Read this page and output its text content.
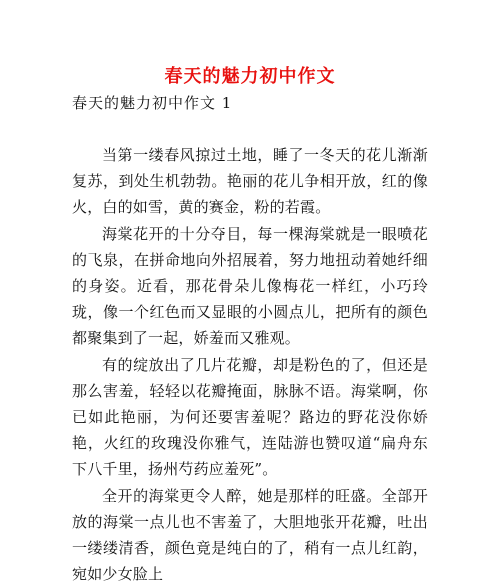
春天的魅力初中作文
春天的魅力初中作文 1

当第一缕春风掠过土地，睡了一冬天的花儿渐渐复苏，到处生机勃勃。艳丽的花儿争相开放，红的像火，白的如雪，黄的赛金，粉的若霞。

海棠花开的十分夺目，每一棵海棠就是一眼喷花的飞泉，在拼命地向外招展着，努力地扭动着她纤细的身姿。近看，那花骨朵儿像梅花一样红，小巧玲珑，像一个红色而又显眼的小圆点儿，把所有的颜色都聚集到了一起，娇羞而又雅观。

有的绽放出了几片花瓣，却是粉色的了，但还是那么害羞，轻轻以花瓣掩面，脉脉不语。海棠啊，你已如此艳丽，为何还要害羞呢？路边的野花没你娇艳，火红的玫瑰没你雅气，连陆游也赞叹道“扁舟东下八千里，扬州芍药应羞死”。

全开的海棠更令人醉，她是那样的旺盛。全部开放的海棠一点儿也不害羞了，大胆地张开花瓣，吐出一缕缕清香，颜色竟是纯白的了，稍有一点儿红韵，宛如少女脸上
